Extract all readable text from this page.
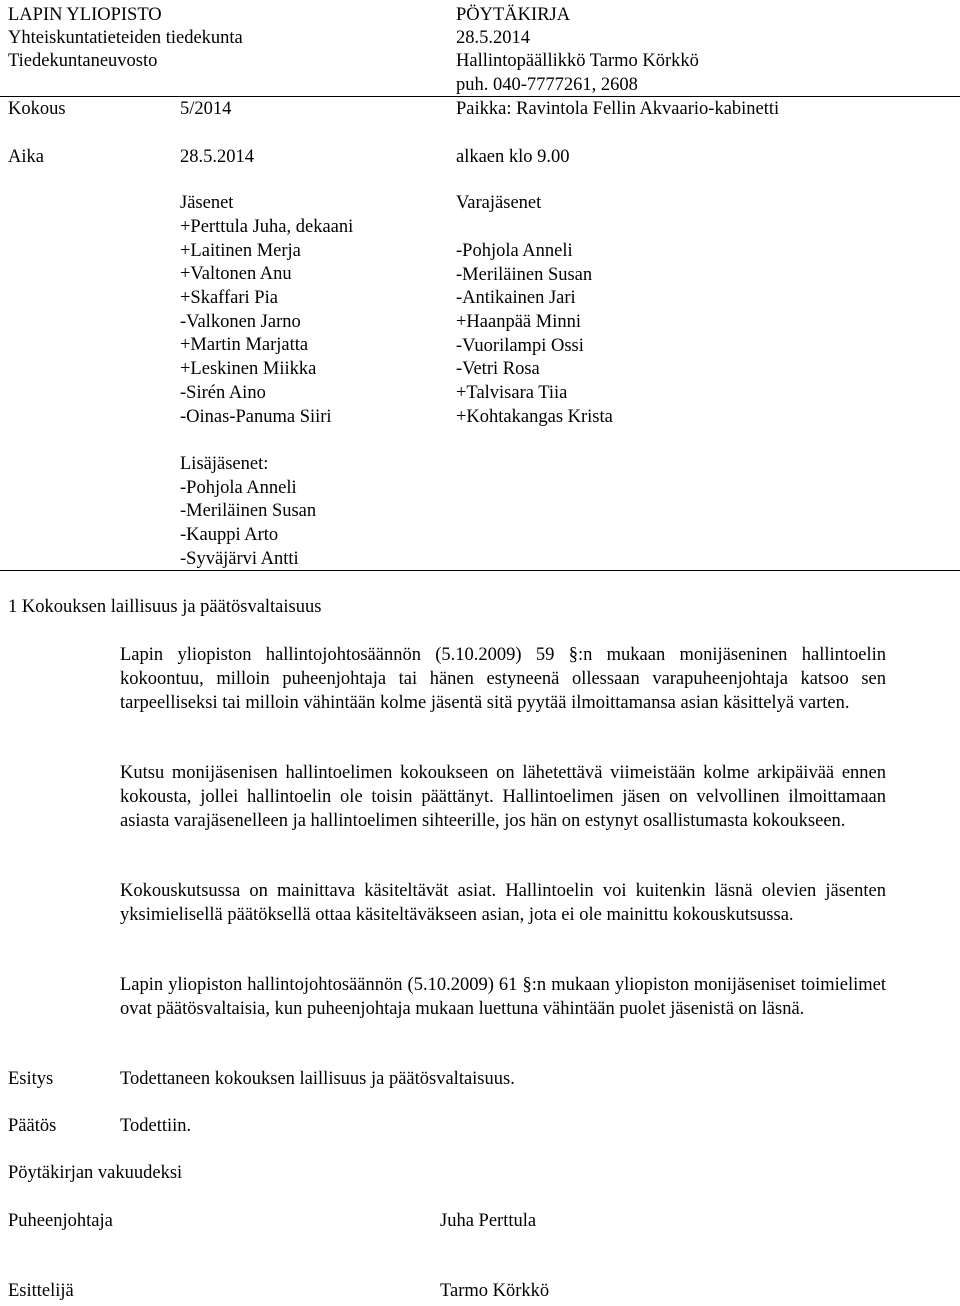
LAPIN YLIOPISTO
Yhteiskuntatieteiden tiedekunta
Tiedekuntaneuvosto
PÖYTÄKIRJA
28.5.2014
Hallintopäällikkö Tarmo Körkkö
puh. 040-7777261, 2608
Kokous	5/2014	Paikka: Ravintola Fellin Akvaario-kabinetti
Aika	28.5.2014	alkaen klo 9.00
Jäsenet
+Perttula Juha, dekaani
+Laitinen Merja
+Valtonen Anu
+Skaffari Pia
-Valkonen Jarno
+Martin Marjatta
+Leskinen Miikka
-Sirén Aino
-Oinas-Panuma Siiri
Varajäsenet
-Pohjola Anneli
-Meriläinen Susan
-Antikainen Jari
+Haanpää Minni
-Vuorilampi Ossi
-Vetri Rosa
+Talvisara Tiia
+Kohtakangas Krista
Lisäjäsenet:
-Pohjola Anneli
-Meriläinen Susan
-Kauppi Arto
-Syväjärvi Antti
1 Kokouksen laillisuus ja päätösvaltaisuus
Lapin yliopiston hallintojohtosäännön (5.10.2009) 59 §:n mukaan monijäseninen hallintoelin kokoontuu, milloin puheenjohtaja tai hänen estyneenä ollessaan varapuheenjohtaja katsoo sen tarpeelliseksi tai milloin vähintään kolme jäsentä sitä pyytää ilmoittamansa asian käsittelyä varten.
Kutsu monijäsenisen hallintoelimen kokoukseen on lähetettävä viimeistään kolme arkipäivää ennen kokousta, jollei hallintoelin ole toisin päättänyt. Hallintoelimen jäsen on velvollinen ilmoittamaan asiasta varajäsenelleen ja hallintoelimen sihteerille, jos hän on estynyt osallistumasta kokoukseen.
Kokouskutsussa on mainittava käsiteltävät asiat. Hallintoelin voi kuitenkin läsnä olevien jäsenten yksimielisellä päätöksellä ottaa käsiteltäväkseen asian, jota ei ole mainittu kokouskutsussa.
Lapin yliopiston hallintojohtosäännön (5.10.2009) 61 §:n mukaan yliopiston monijäseniset toimielimet ovat päätösvaltaisia, kun puheenjohtaja mukaan luettuna vähintään puolet jäsenistä on läsnä.
Esitys	Todettaneen kokouksen laillisuus ja päätösvaltaisuus.
Päätös	Todettiin.
Pöytäkirjan vakuudeksi
Puheenjohtaja	Juha Perttula
Esittelijä	Tarmo Körkkö
